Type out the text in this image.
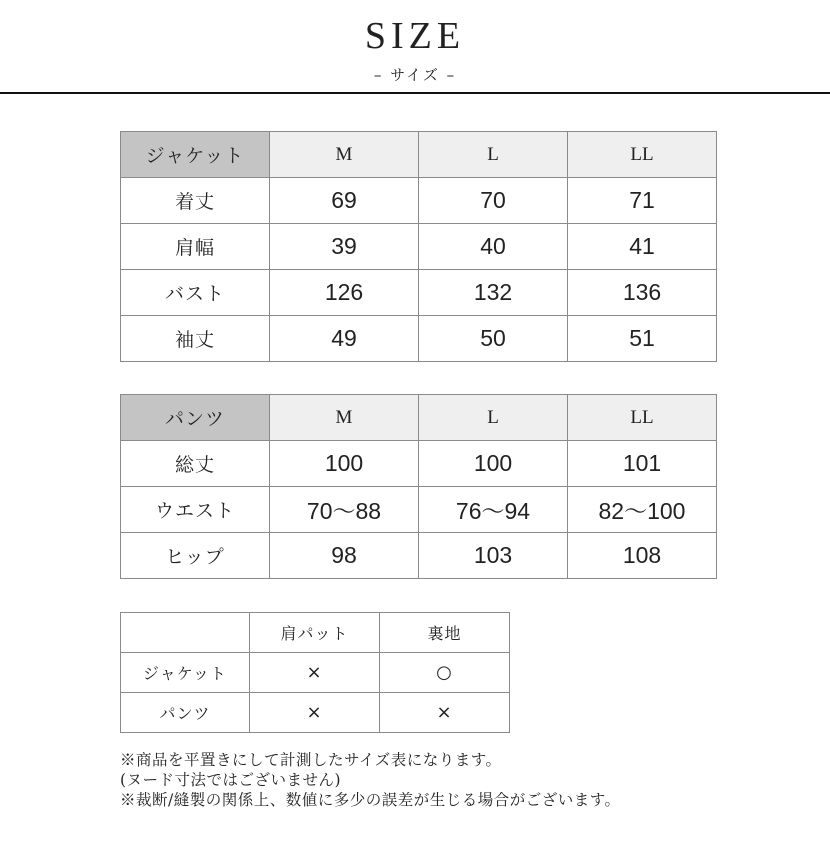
SIZE
– サイズ –
ジャケット	M	L	LL
着丈	69	70	71
肩幅	39	40	41
バスト	126	132	136
袖丈	49	50	51
パンツ	M	L	LL
総丈	100	100	101
ウエスト	70〜88	76〜94	82〜100
ヒップ	98	103	108
	肩パット	裏地
ジャケット	×	○
パンツ	×	×
※商品を平置きにして計測したサイズ表になります。
(ヌード寸法ではございません)
※裁断/縫製の関係上、数値に多少の誤差が生じる場合がございます。
